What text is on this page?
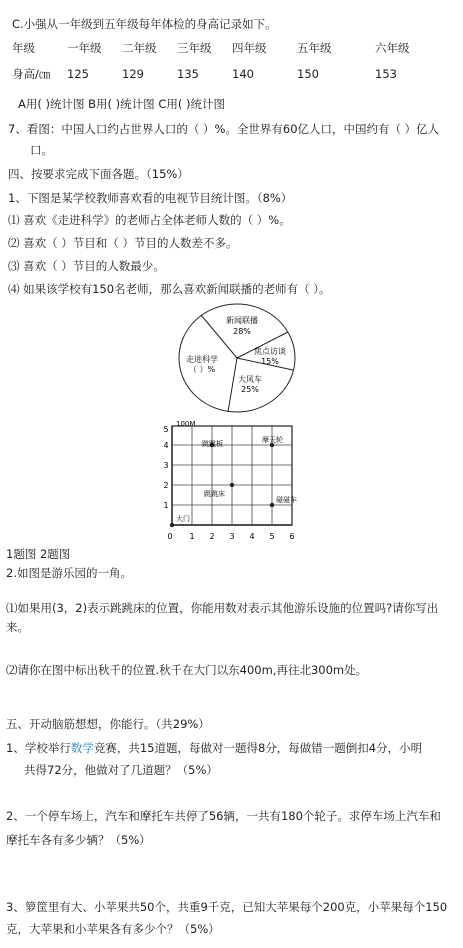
C.小强从一年级到五年级每年体检的身高记录如下。
年级	一年级	二年级	三年级	四年级	五年级	六年级
身高/㎝	125	129	135	140	150	153
A用( )统计图 B用( )统计图 C用( )统计图
7、看图：中国人口约占世界人口的（ ）%。全世界有60亿人口，中国约有（ ）亿人
口。
四、按要求完成下面各题。（15%）
1、下图是某学校教师喜欢看的电视节目统计图。（8%）
⑴ 喜欢《走进科学》的老师占全体老师人数的（ ）%。
⑵ 喜欢（ ）节目和（ ）节目的人数差不多。
⑶ 喜欢（ ）节目的人数最少。
⑷ 如果该学校有150名老师，那么喜欢新闻联播的老师有（ ）。
新闻联播
28%
焦点访谈
15%
大风车
25%
走进科学
（ ）%
100M
0 1 2 3 4 5 6
1
2
3
4
5
跳跳板	摩天轮
跳跳床
碰碰车
大门
1题图 2题图
2.如图是游乐园的一角。
⑴如果用(3，2)表示跳跳床的位置，你能用数对表示其他游乐设施的位置吗?请你写出
来。
⑵请你在图中标出秋千的位置.秋千在大门以东400m,再往北300m处。
五、开动脑筋想想，你能行。（共29%）
1、学校举行数学竞赛，共15道题，每做对一题得8分，每做错一题倒扣4分，小明
共得72分，他做对了几道题？（5%）
2、一个停车场上，汽车和摩托车共停了56辆，一共有180个轮子。求停车场上汽车和
摩托车各有多少辆？（5%）
3、箩筐里有大、小苹果共50个，共重9千克，已知大苹果每个200克，小苹果每个150
克，大苹果和小苹果各有多少个？（5%）
